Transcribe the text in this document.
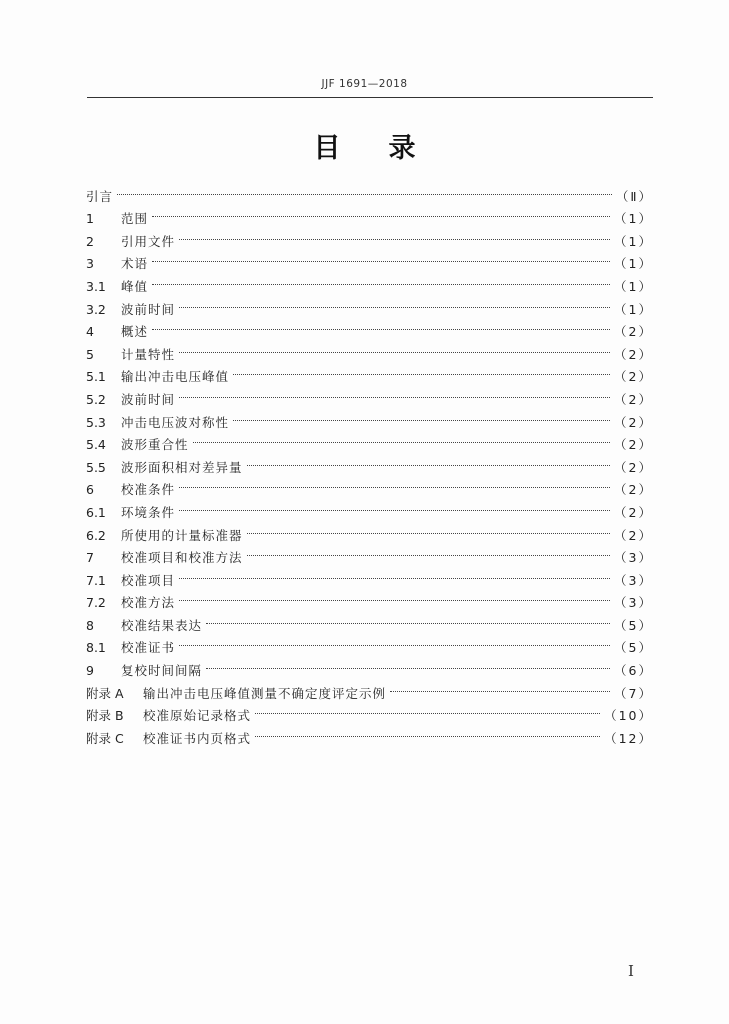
JJF 1691—2018
目录
引言	（Ⅱ）
1	范围	（1）
2	引用文件	（1）
3	术语	（1）
3.1	峰值	（1）
3.2	波前时间	（1）
4	概述	（2）
5	计量特性	（2）
5.1	输出冲击电压峰值	（2）
5.2	波前时间	（2）
5.3	冲击电压波对称性	（2）
5.4	波形重合性	（2）
5.5	波形面积相对差异量	（2）
6	校准条件	（2）
6.1	环境条件	（2）
6.2	所使用的计量标准器	（2）
7	校准项目和校准方法	（3）
7.1	校准项目	（3）
7.2	校准方法	（3）
8	校准结果表达	（5）
8.1	校准证书	（5）
9	复校时间间隔	（6）
附录 A	输出冲击电压峰值测量不确定度评定示例	（7）
附录 B	校准原始记录格式	（10）
附录 C	校准证书内页格式	（12）
I
